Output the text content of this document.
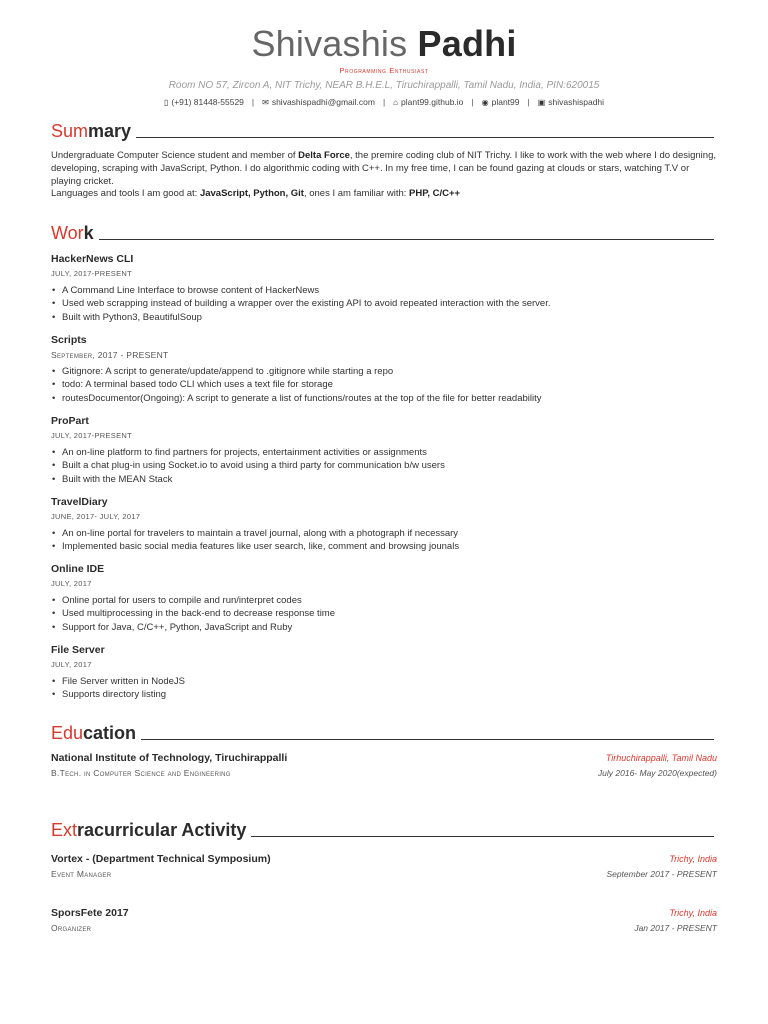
Shivashis Padhi
Programming Enthusiast
Room NO 57, Zircon A, NIT Trichy, NEAR B.H.E.L, Tiruchirappalli, Tamil Nadu, India, PIN:620015
▯ (+91) 81448-55529 | ✉ shivashispadhi@gmail.com | ⌂ plant99.github.io | ◉ plant99 | ▣ shivashispadhi
Summary
Undergraduate Computer Science student and member of Delta Force, the premire coding club of NIT Trichy. I like to work with the web where I do designing, developing, scraping with JavaScript, Python. I do algorithmic coding with C++. In my free time, I can be found gazing at clouds or stars, watching T.V or playing cricket.
Languages and tools I am good at: JavaScript, Python, Git, ones I am familiar with: PHP, C/C++
Work
HackerNews CLI
JULY, 2017-PRESENT
• A Command Line Interface to browse content of HackerNews
• Used web scrapping instead of building a wrapper over the existing API to avoid repeated interaction with the server.
• Built with Python3, BeautifulSoup
Scripts
September, 2017 - PRESENT
• Gitignore: A script to generate/update/append to .gitignore while starting a repo
• todo: A terminal based todo CLI which uses a text file for storage
• routesDocumentor(Ongoing): A script to generate a list of functions/routes at the top of the file for better readability
ProPart
JULY, 2017-PRESENT
• An on-line platform to find partners for projects, entertainment activities or assignments
• Built a chat plug-in using Socket.io to avoid using a third party for communication b/w users
• Built with the MEAN Stack
TravelDiary
JUNE, 2017- JULY, 2017
• An on-line portal for travelers to maintain a travel journal, along with a photograph if necessary
• Implemented basic social media features like user search, like, comment and browsing jounals
Online IDE
JULY, 2017
• Online portal for users to compile and run/interpret codes
• Used multiprocessing in the back-end to decrease response time
• Support for Java, C/C++, Python, JavaScript and Ruby
File Server
JULY, 2017
• File Server written in NodeJS
• Supports directory listing
Education
National Institute of Technology, Tiruchirappalli	Tirhuchirappalli, Tamil Nadu
B.Tech. in Computer Science and Engineering	July 2016- May 2020(expected)
Extracurricular Activity
Vortex - (Department Technical Symposium)	Trichy, India
Event Manager	September 2017 - PRESENT
SporsFete 2017	Trichy, India
Organizer	Jan 2017 - PRESENT
